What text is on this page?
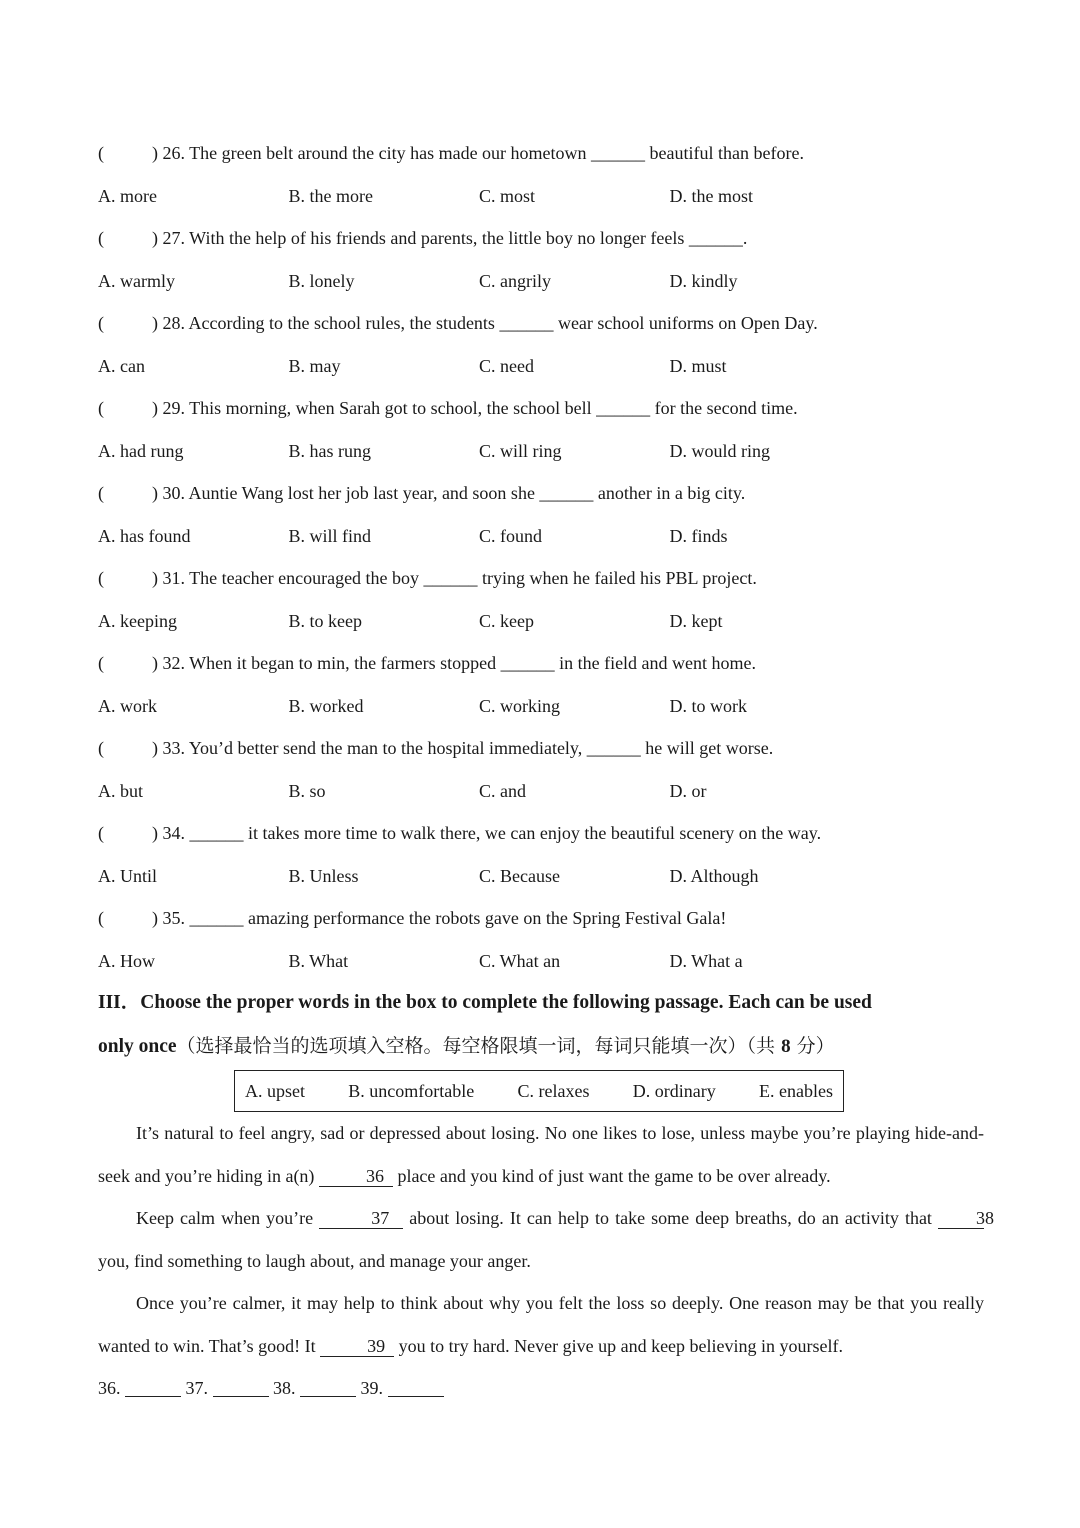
(	) 26. The green belt around the city has made our hometown ______ beautiful than before.
A. more	B. the more	C. most	D. the most
(	) 27. With the help of his friends and parents, the little boy no longer feels ______.
A. warmly	B. lonely	C. angrily	D. kindly
(	) 28. According to the school rules, the students ______ wear school uniforms on Open Day.
A. can	B. may	C. need	D. must
(	) 29. This morning, when Sarah got to school, the school bell ______ for the second time.
A. had rung	B. has rung	C. will ring	D. would ring
(	) 30. Auntie Wang lost her job last year, and soon she ______ another in a big city.
A. has found	B. will find	C. found	D. finds
(	) 31. The teacher encouraged the boy ______ trying when he failed his PBL project.
A. keeping	B. to keep	C. keep	D. kept
(	) 32. When it began to min, the farmers stopped ______ in the field and went home.
A. work	B. worked	C. working	D. to work
(	) 33. You’d better send the man to the hospital immediately, ______ he will get worse.
A. but	B. so	C. and	D. or
(	) 34. ______ it takes more time to walk there, we can enjoy the beautiful scenery on the way.
A. Until	B. Unless	C. Because	D. Although
(	) 35. ______ amazing performance the robots gave on the Spring Festival Gala!
A. How	B. What	C. What an	D. What a
III．Choose the proper words in the box to complete the following passage. Each can be used
only once（选择最恰当的选项填入空格。每空格限填一词，每词只能填一次）（共 8 分）
A. upset B. uncomfortable C. relaxes D. ordinary E. enables
It’s natural to feel angry, sad or depressed about losing. No one likes to lose, unless maybe you’re playing hide-and-seek and you’re hiding in a(n)	36 place and you kind of just want the game to be over already.
Keep calm when you’re	37 about losing. It can help to take some deep breaths, do an activity that 38 you, find something to laugh about, and manage your anger.
Once you’re calmer, it may help to think about why you felt the loss so deeply. One reason may be that you really wanted to win. That’s good! It	39 you to try hard. Never give up and keep believing in yourself.
36.	37.	38.	39.
